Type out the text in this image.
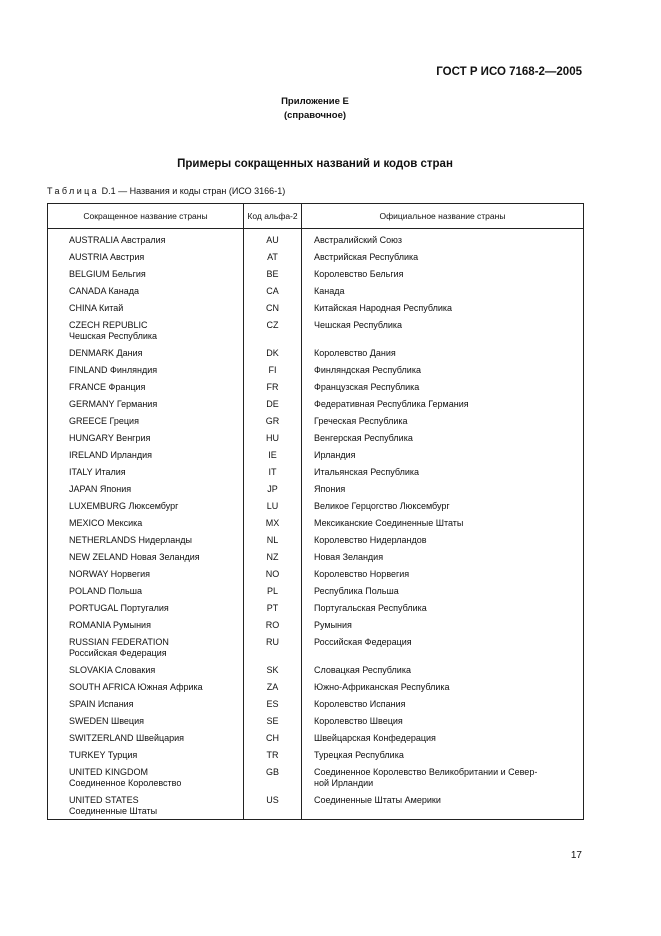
ГОСТ Р ИСО 7168-2—2005
Приложение Е
(справочное)
Примеры сокращенных названий и кодов стран
Таблица D.1 — Названия и коды стран (ИСО 3166-1)
Сокращенное название страны	Код альфа-2	Официальное название страны

AUSTRALIA Австралия	AU	Австралийский Союз

AUSTRIA Австрия	AT	Австрийская Республика

BELGIUM Бельгия	BE	Королевство Бельгия

CANADA Канада	CA	Канада

CHINA Китай	CN	Китайская Народная Республика

CZECH REPUBLIC
Чешская Республика	CZ	Чешская Республика

DENMARK Дания	DK	Королевство Дания

FINLAND Финляндия	FI	Финляндская Республика

FRANCE Франция	FR	Французская Республика

GERMANY Германия	DE	Федеративная Республика Германия

GREECE Греция	GR	Греческая Республика

HUNGARY Венгрия	HU	Венгерская Республика

IRELAND Ирландия	IE	Ирландия

ITALY Италия	IT	Итальянская Республика

JAPAN Япония	JP	Япония

LUXEMBURG Люксембург	LU	Великое Герцогство Люксембург

MEXICO Мексика	MX	Мексиканские Соединенные Штаты

NETHERLANDS Нидерланды	NL	Королевство Нидерландов

NEW ZELAND Новая Зеландия	NZ	Новая Зеландия

NORWAY Норвегия	NO	Королевство Норвегия

POLAND Польша	PL	Республика Польша

PORTUGAL Португалия	PT	Португальская Республика

ROMANIA Румыния	RO	Румыния

RUSSIAN FEDERATION
Российская Федерация	RU	Российская Федерация

SLOVAKIA Словакия	SK	Словацкая Республика

SOUTH AFRICA Южная Африка	ZA	Южно-Африканская Республика

SPAIN Испания	ES	Королевство Испания

SWEDEN Швеция	SE	Королевство Швеция

SWITZERLAND Швейцария	CH	Швейцарская Конфедерация

TURKEY Турция	TR	Турецкая Республика

UNITED KINGDOM
Соединенное Королевство	GB	Соединенное Королевство Великобритании и Север-
ной Ирландии

UNITED STATES
Соединенные Штаты	US	Соединенные Штаты Америки
17
